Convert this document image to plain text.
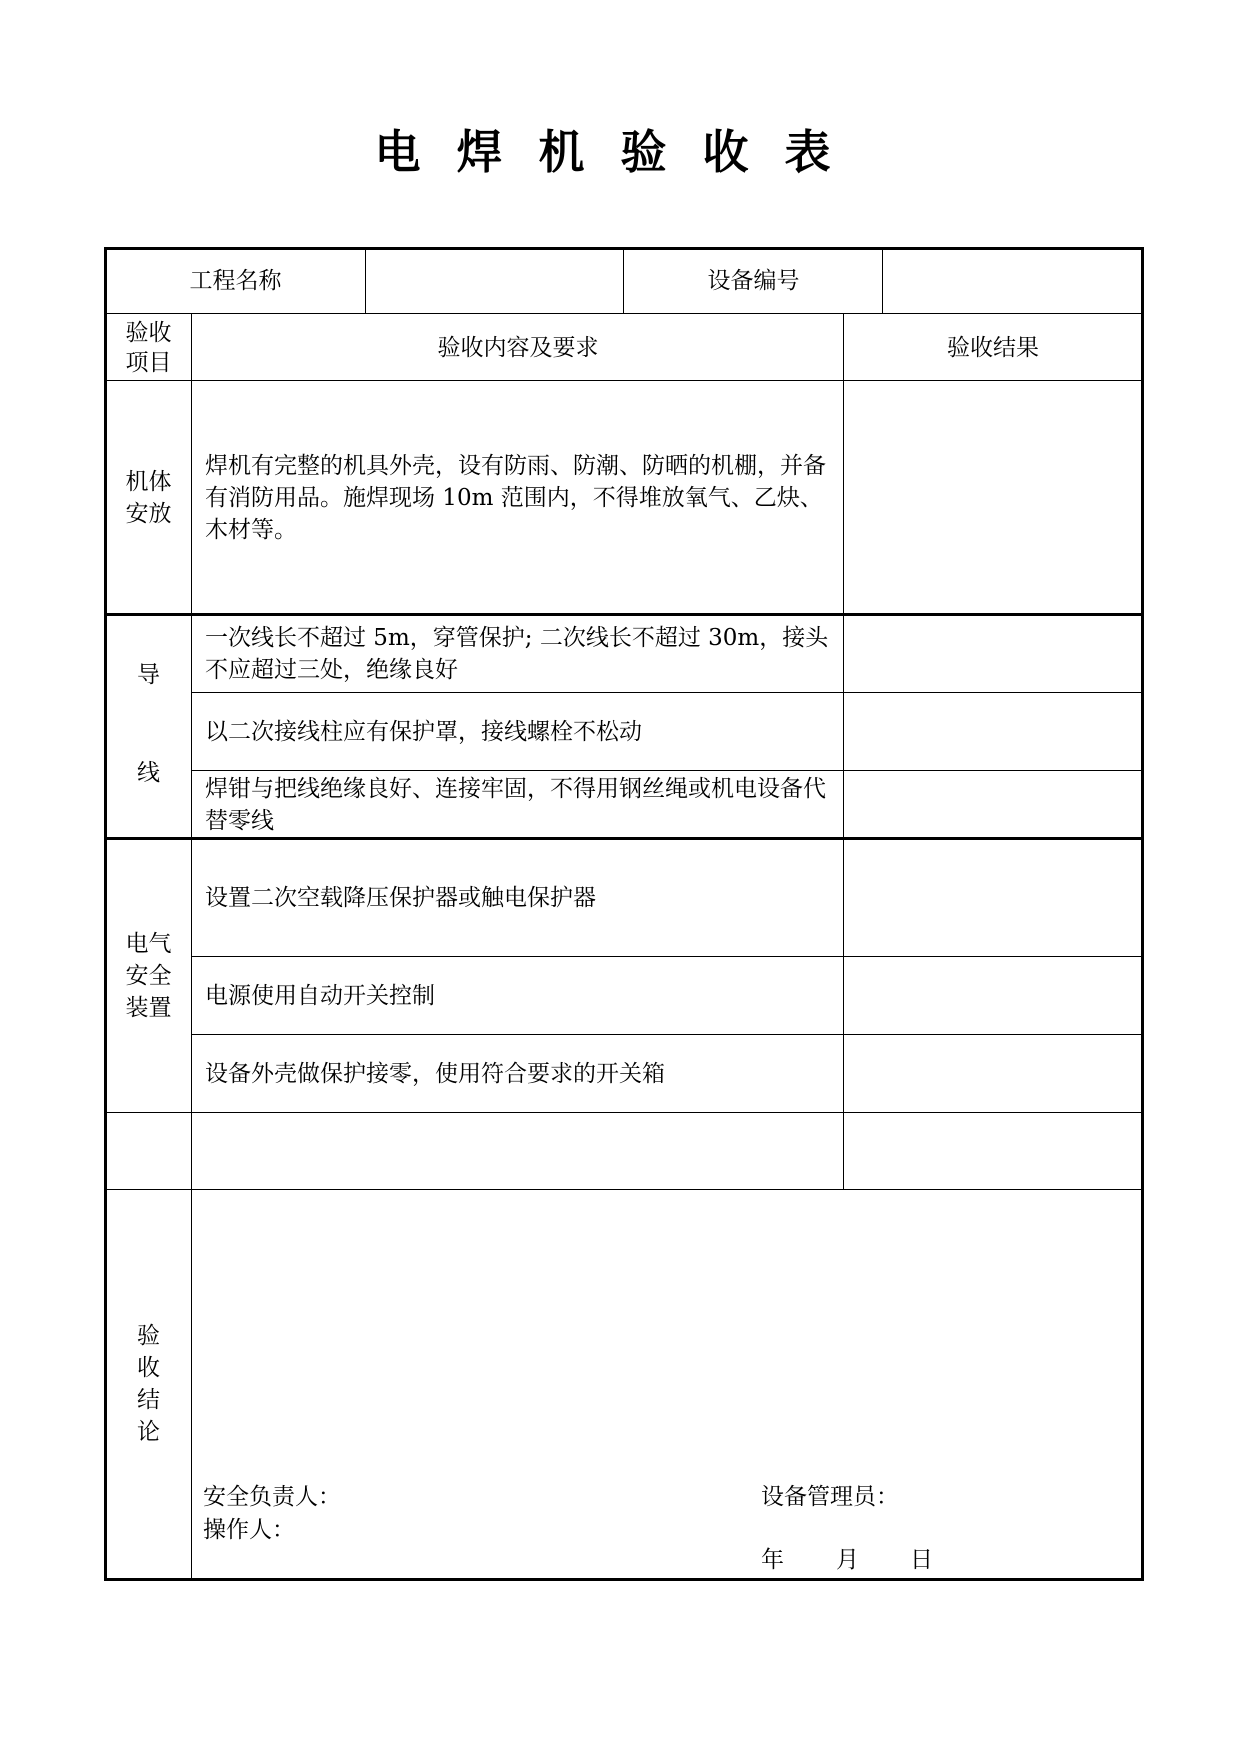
电焊机验收表
工程名称	设备编号
验收
项目
验收内容及要求	验收结果
机体
安放
焊机有完整的机具外壳，设有防雨、防潮、防晒的机棚，并备有消防用品。施焊现场 10m 范围内，不得堆放氧气、乙炔、木材等。
导
线
一次线长不超过 5m，穿管保护; 二次线长不超过 30m，接头不应超过三处，绝缘良好
以二次接线柱应有保护罩，接线螺栓不松动
焊钳与把线绝缘良好、连接牢固，不得用钢丝绳或机电设备代替零线
电气
安全
装置
设置二次空载降压保护器或触电保护器
电源使用自动开关控制
设备外壳做保护接零，使用符合要求的开关箱
验
收
结
论
安全负责人：
操作人：
设备管理员：
年 月 日
